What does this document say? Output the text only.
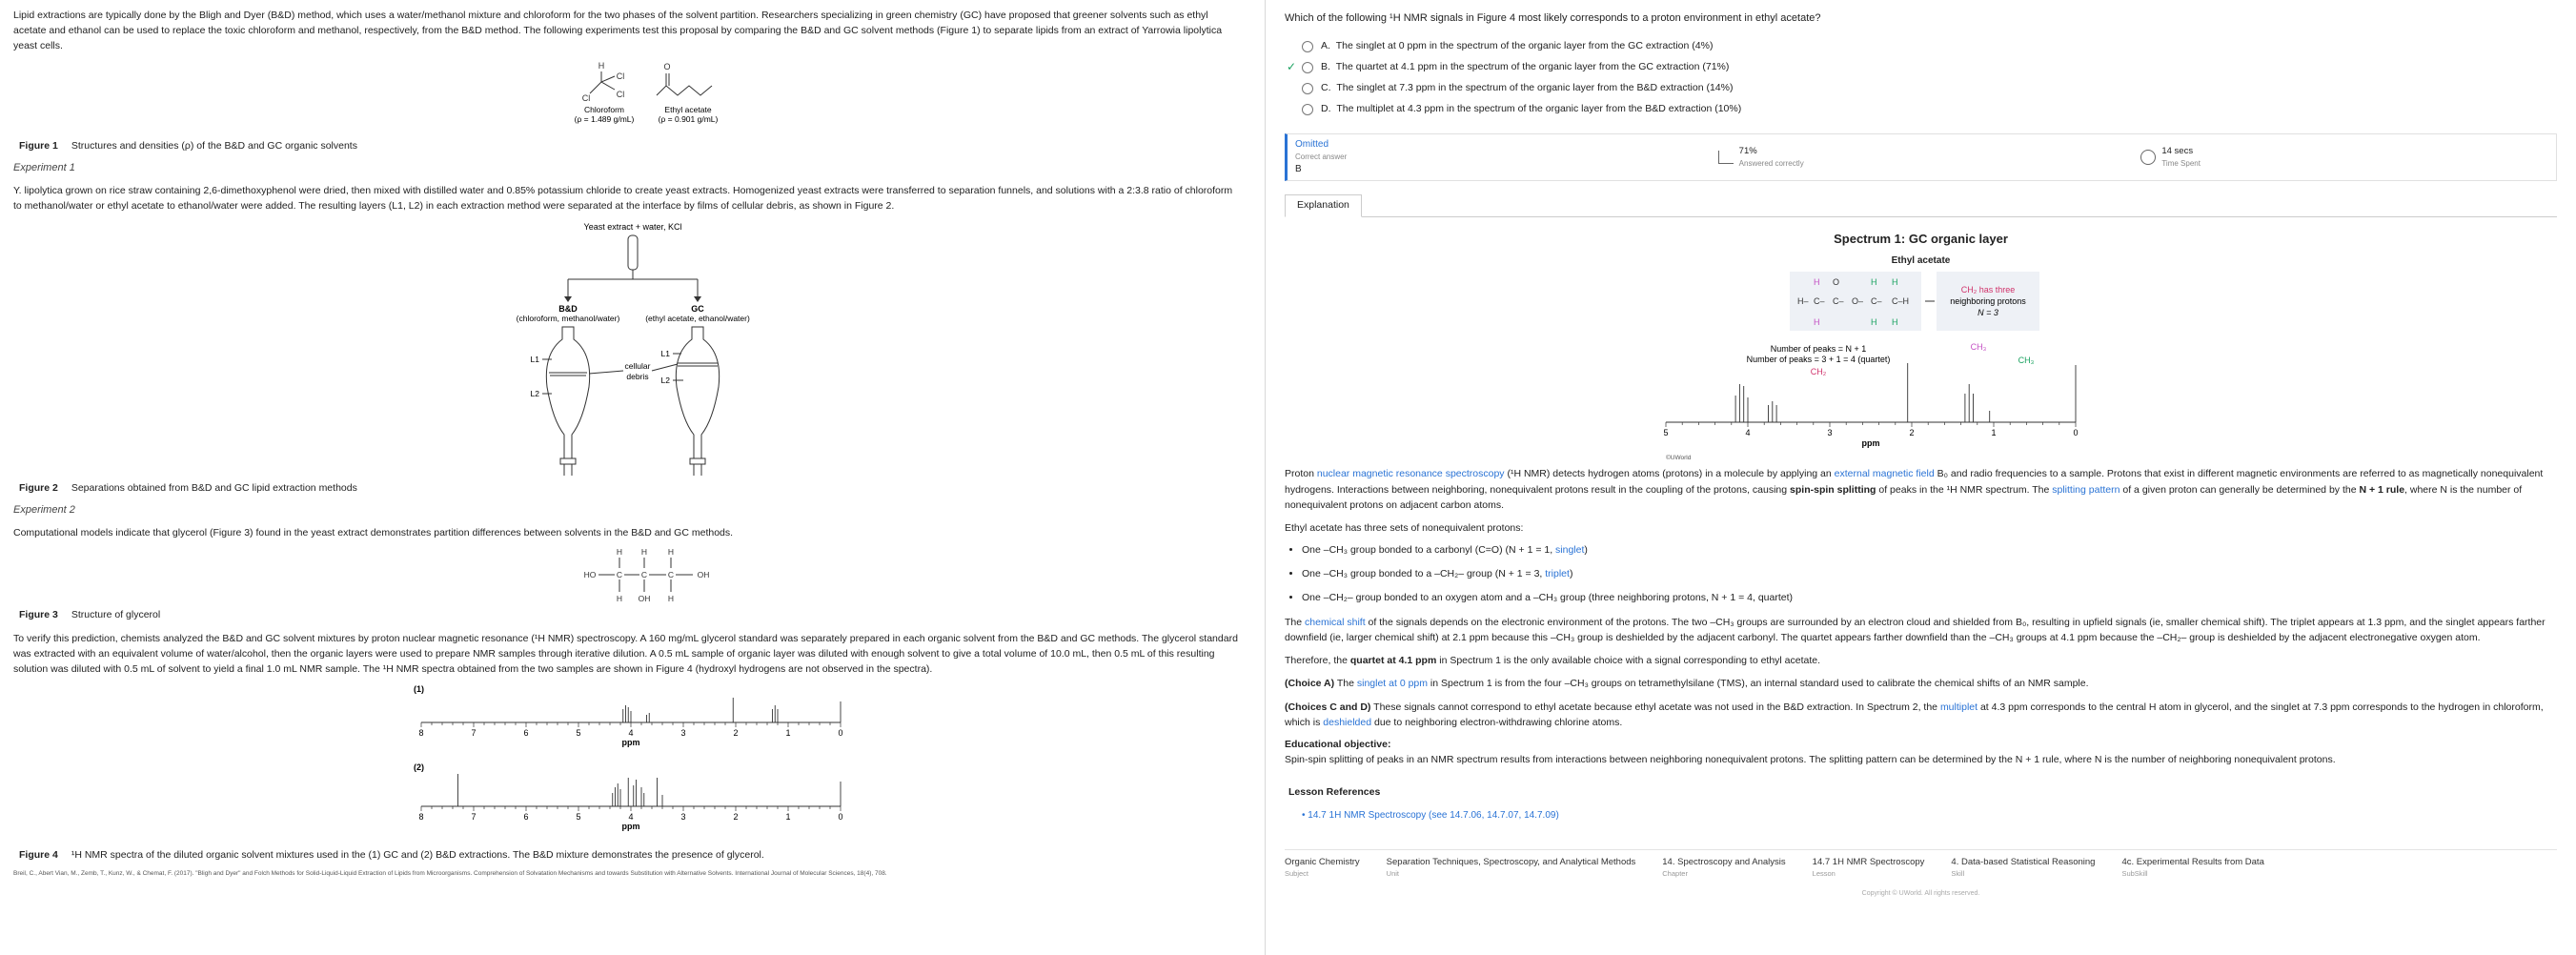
Lipid extractions are typically done by the Bligh and Dyer (B&D) method, which uses a water/methanol mixture and chloroform for the two phases of the solvent partition. Researchers specializing in green chemistry (GC) have proposed that greener solvents such as ethyl acetate and ethanol can be used to replace the toxic chloroform and methanol, respectively, from the B&D method. The following experiments test this proposal by comparing the B&D and GC solvent methods (Figure 1) to separate lipids from an extract of Yarrowia lipolytica yeast cells.

H
Cl
Cl	Cl
O
Chloroform
(ρ = 1.489 g/mL)
Ethyl acetate
(ρ = 0.901 g/mL)
Figure 1 Structures and densities (ρ) of the B&D and GC organic solvents
Experiment 1

Y. lipolytica grown on rice straw containing 2,6-dimethoxyphenol were dried, then mixed with distilled water and 0.85% potassium chloride to create yeast extracts. Homogenized yeast extracts were transferred to separation funnels, and solutions with a 2:3.8 ratio of chloroform to methanol/water or ethyl acetate to ethanol/water were added. The resulting layers (L1, L2) in each extraction method were separated at the interface by films of cellular debris, as shown in Figure 2.

Yeast extract + water, KCl
B&D
(chloroform, methanol/water)
GC
(ethyl acetate, ethanol/water)
L1
L2
L1
L2
cellular
debris
Figure 2 Separations obtained from B&D and GC lipid extraction methods
Experiment 2

Computational models indicate that glycerol (Figure 3) found in the yeast extract demonstrates partition differences between solvents in the B&D and GC methods.

HO	C C	C	OH
H H	H
H OH H
Figure 3 Structure of glycerol

To verify this prediction, chemists analyzed the B&D and GC solvent mixtures by proton nuclear magnetic resonance (¹H NMR) spectroscopy. A 160 mg/mL glycerol standard was separately prepared in each organic solvent from the B&D and GC methods. The glycerol standard was extracted with an equivalent volume of water/alcohol, then the organic layers were used to prepare NMR samples through iterative dilution. A 0.5 mL sample of organic layer was diluted with enough solvent to give a total volume of 10.0 mL, then 0.5 mL of this resulting solution was diluted with 0.5 mL of solvent to yield a final 1.0 mL NMR sample. The ¹H NMR spectra obtained from the two samples are shown in Figure 4 (hydroxyl hydrogens are not observed in the spectra).

(1)
8	7	6	5	4	3	2	1	0
ppm
(2)
8	7	6	5	4	3	2	1	0
ppm
Figure 4 ¹H NMR spectra of the diluted organic solvent mixtures used in the (1) GC and (2) B&D extractions. The B&D mixture demonstrates the presence of glycerol.
Breil, C., Abert Vian, M., Zemb, T., Kunz, W., & Chemat, F. (2017). "Bligh and Dyer" and Folch Methods for Solid-Liquid-Liquid Extraction of Lipids from Microorganisms. Comprehension of Solvatation Mechanisms and towards Substitution with Alternative Solvents. International Journal of Molecular Sciences, 18(4), 708.
Which of the following ¹H NMR signals in Figure 4 most likely corresponds to a proton environment in ethyl acetate?
A.
The singlet at 0 ppm in the spectrum of the organic layer from the GC extraction
(4%)
✓	B.
The quartet at 4.1 ppm in the spectrum of the organic layer from the GC extraction
(71%)
C.
The singlet at 7.3 ppm in the spectrum of the organic layer from the B&D extraction
(14%)
D.
The multiplet at 4.3 ppm in the spectrum of the organic layer from the B&D extraction
(10%)
Omitted
Correct answer
B
71%
Answered correctly
14 secs
Time Spent
Explanation
Spectrum 1: GC organic layer
Ethyl acetate
H O	H H
H– C– C– O– C– C–H
H	H H
CH₂ has three
neighboring protons
N = 3
Number of peaks = N + 1
Number of peaks = 3 + 1 = 4 (quartet)
CH₂
CH₃
CH₃
5	4	3	2	1	0
ppm
©UWorld

Proton nuclear magnetic resonance spectroscopy (¹H NMR) detects hydrogen atoms (protons) in a molecule by applying an external magnetic field B₀ and radio frequencies to a sample. Protons that exist in different magnetic environments are referred to as magnetically nonequivalent hydrogens. Interactions between neighboring, nonequivalent protons result in the coupling of the protons, causing spin-spin splitting of peaks in the ¹H NMR spectrum. The splitting pattern of a given proton can generally be determined by the N + 1 rule, where N is the number of nonequivalent protons on adjacent carbon atoms.

Ethyl acetate has three sets of nonequivalent protons:

• One –CH₃ group bonded to a carbonyl (C=O) (N + 1 = 1, singlet)
• One –CH₃ group bonded to a –CH₂– group (N + 1 = 3, triplet)
• One –CH₂– group bonded to an oxygen atom and a –CH₃ group (three neighboring protons, N + 1 = 4, quartet)

The chemical shift of the signals depends on the electronic environment of the protons. The two –CH₃ groups are surrounded by an electron cloud and shielded from B₀, resulting in upfield signals (ie, smaller chemical shift). The triplet appears at 1.3 ppm, and the singlet appears farther downfield (ie, larger chemical shift) at 2.1 ppm because this –CH₃ group is deshielded by the adjacent carbonyl. The quartet appears farther downfield than the –CH₃ groups at 4.1 ppm because the –CH₂– group is deshielded by the adjacent electronegative oxygen atom.

Therefore, the quartet at 4.1 ppm in Spectrum 1 is the only available choice with a signal corresponding to ethyl acetate.

(Choice A) The singlet at 0 ppm in Spectrum 1 is from the four –CH₃ groups on tetramethylsilane (TMS), an internal standard used to calibrate the chemical shifts of an NMR sample.

(Choices C and D) These signals cannot correspond to ethyl acetate because ethyl acetate was not used in the B&D extraction. In Spectrum 2, the multiplet at 4.3 ppm corresponds to the central H atom in glycerol, and the singlet at 7.3 ppm corresponds to the hydrogen in chloroform, which is deshielded due to neighboring electron-withdrawing chlorine atoms.

Educational objective:

Spin-spin splitting of peaks in an NMR spectrum results from interactions between neighboring nonequivalent protons. The splitting pattern can be determined by the N + 1 rule, where N is the number of neighboring nonequivalent protons.

Lesson References
• 14.7 1H NMR Spectroscopy (see 14.7.06, 14.7.07, 14.7.09)
Organic Chemistry
Subject
Separation Techniques, Spectroscopy, and Analytical Methods
Unit
14. Spectroscopy and Analysis
Chapter
14.7 1H NMR Spectroscopy
Lesson
4. Data-based Statistical Reasoning
Skill
4c. Experimental Results from Data
SubSkill
Copyright © UWorld. All rights reserved.
